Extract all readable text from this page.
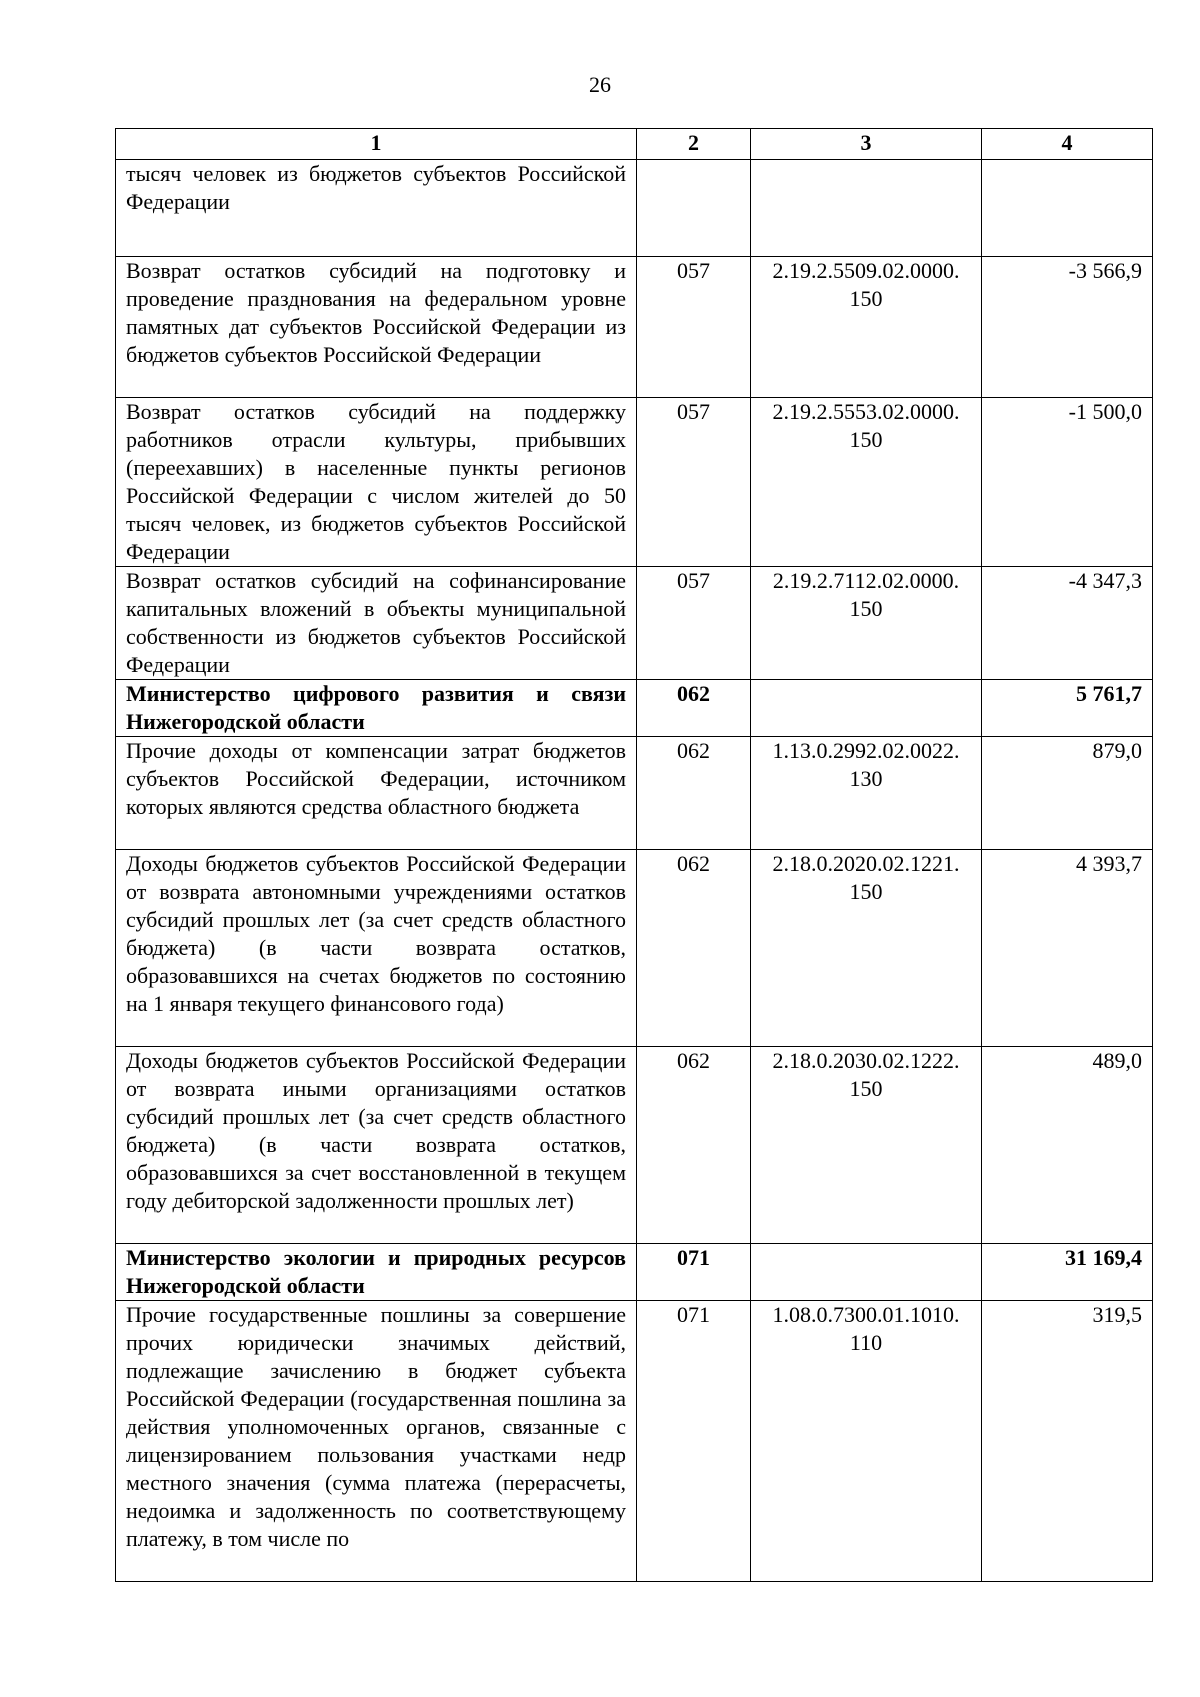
26
1	2	3	4
тысяч человек из бюджетов субъектов Российской Федерации			
Возврат остатков субсидий на подготовку и проведение празднования на федеральном уровне памятных дат субъектов Российской Федерации из бюджетов субъектов Российской Федерации	057	2.19.2.5509.02.0000. 150	-3 566,9
Возврат остатков субсидий на поддержку работников отрасли культуры, прибывших (переехавших) в населенные пункты регионов Российской Федерации с числом жителей до 50 тысяч человек, из бюджетов субъектов Российской Федерации	057	2.19.2.5553.02.0000. 150	-1 500,0
Возврат остатков субсидий на софинансирование капитальных вложений в объекты муниципальной собственности из бюджетов субъектов Российской Федерации	057	2.19.2.7112.02.0000. 150	-4 347,3
Министерство цифрового развития и связи Нижегородской области	062		5 761,7
Прочие доходы от компенсации затрат бюджетов субъектов Российской Федерации, источником которых являются средства областного бюджета	062	1.13.0.2992.02.0022. 130	879,0
Доходы бюджетов субъектов Российской Федерации от возврата автономными учреждениями остатков субсидий прошлых лет (за счет средств областного бюджета) (в части возврата остатков, образовавшихся на счетах бюджетов по состоянию на 1 января текущего финансового года)	062	2.18.0.2020.02.1221. 150	4 393,7
Доходы бюджетов субъектов Российской Федерации от возврата иными организациями остатков субсидий прошлых лет (за счет средств областного бюджета) (в части возврата остатков, образовавшихся за счет восстановленной в текущем году дебиторской задолженности прошлых лет)	062	2.18.0.2030.02.1222. 150	489,0
Министерство экологии и природных ресурсов Нижегородской области	071		31 169,4
Прочие государственные пошлины за совершение прочих юридически значимых действий, подлежащие зачислению в бюджет субъекта Российской Федерации (государственная пошлина за действия уполномоченных органов, связанные с лицензированием пользования участками недр местного значения (сумма платежа (перерасчеты, недоимка и задолженность по соответствующему платежу, в том числе по	071	1.08.0.7300.01.1010. 110	319,5
